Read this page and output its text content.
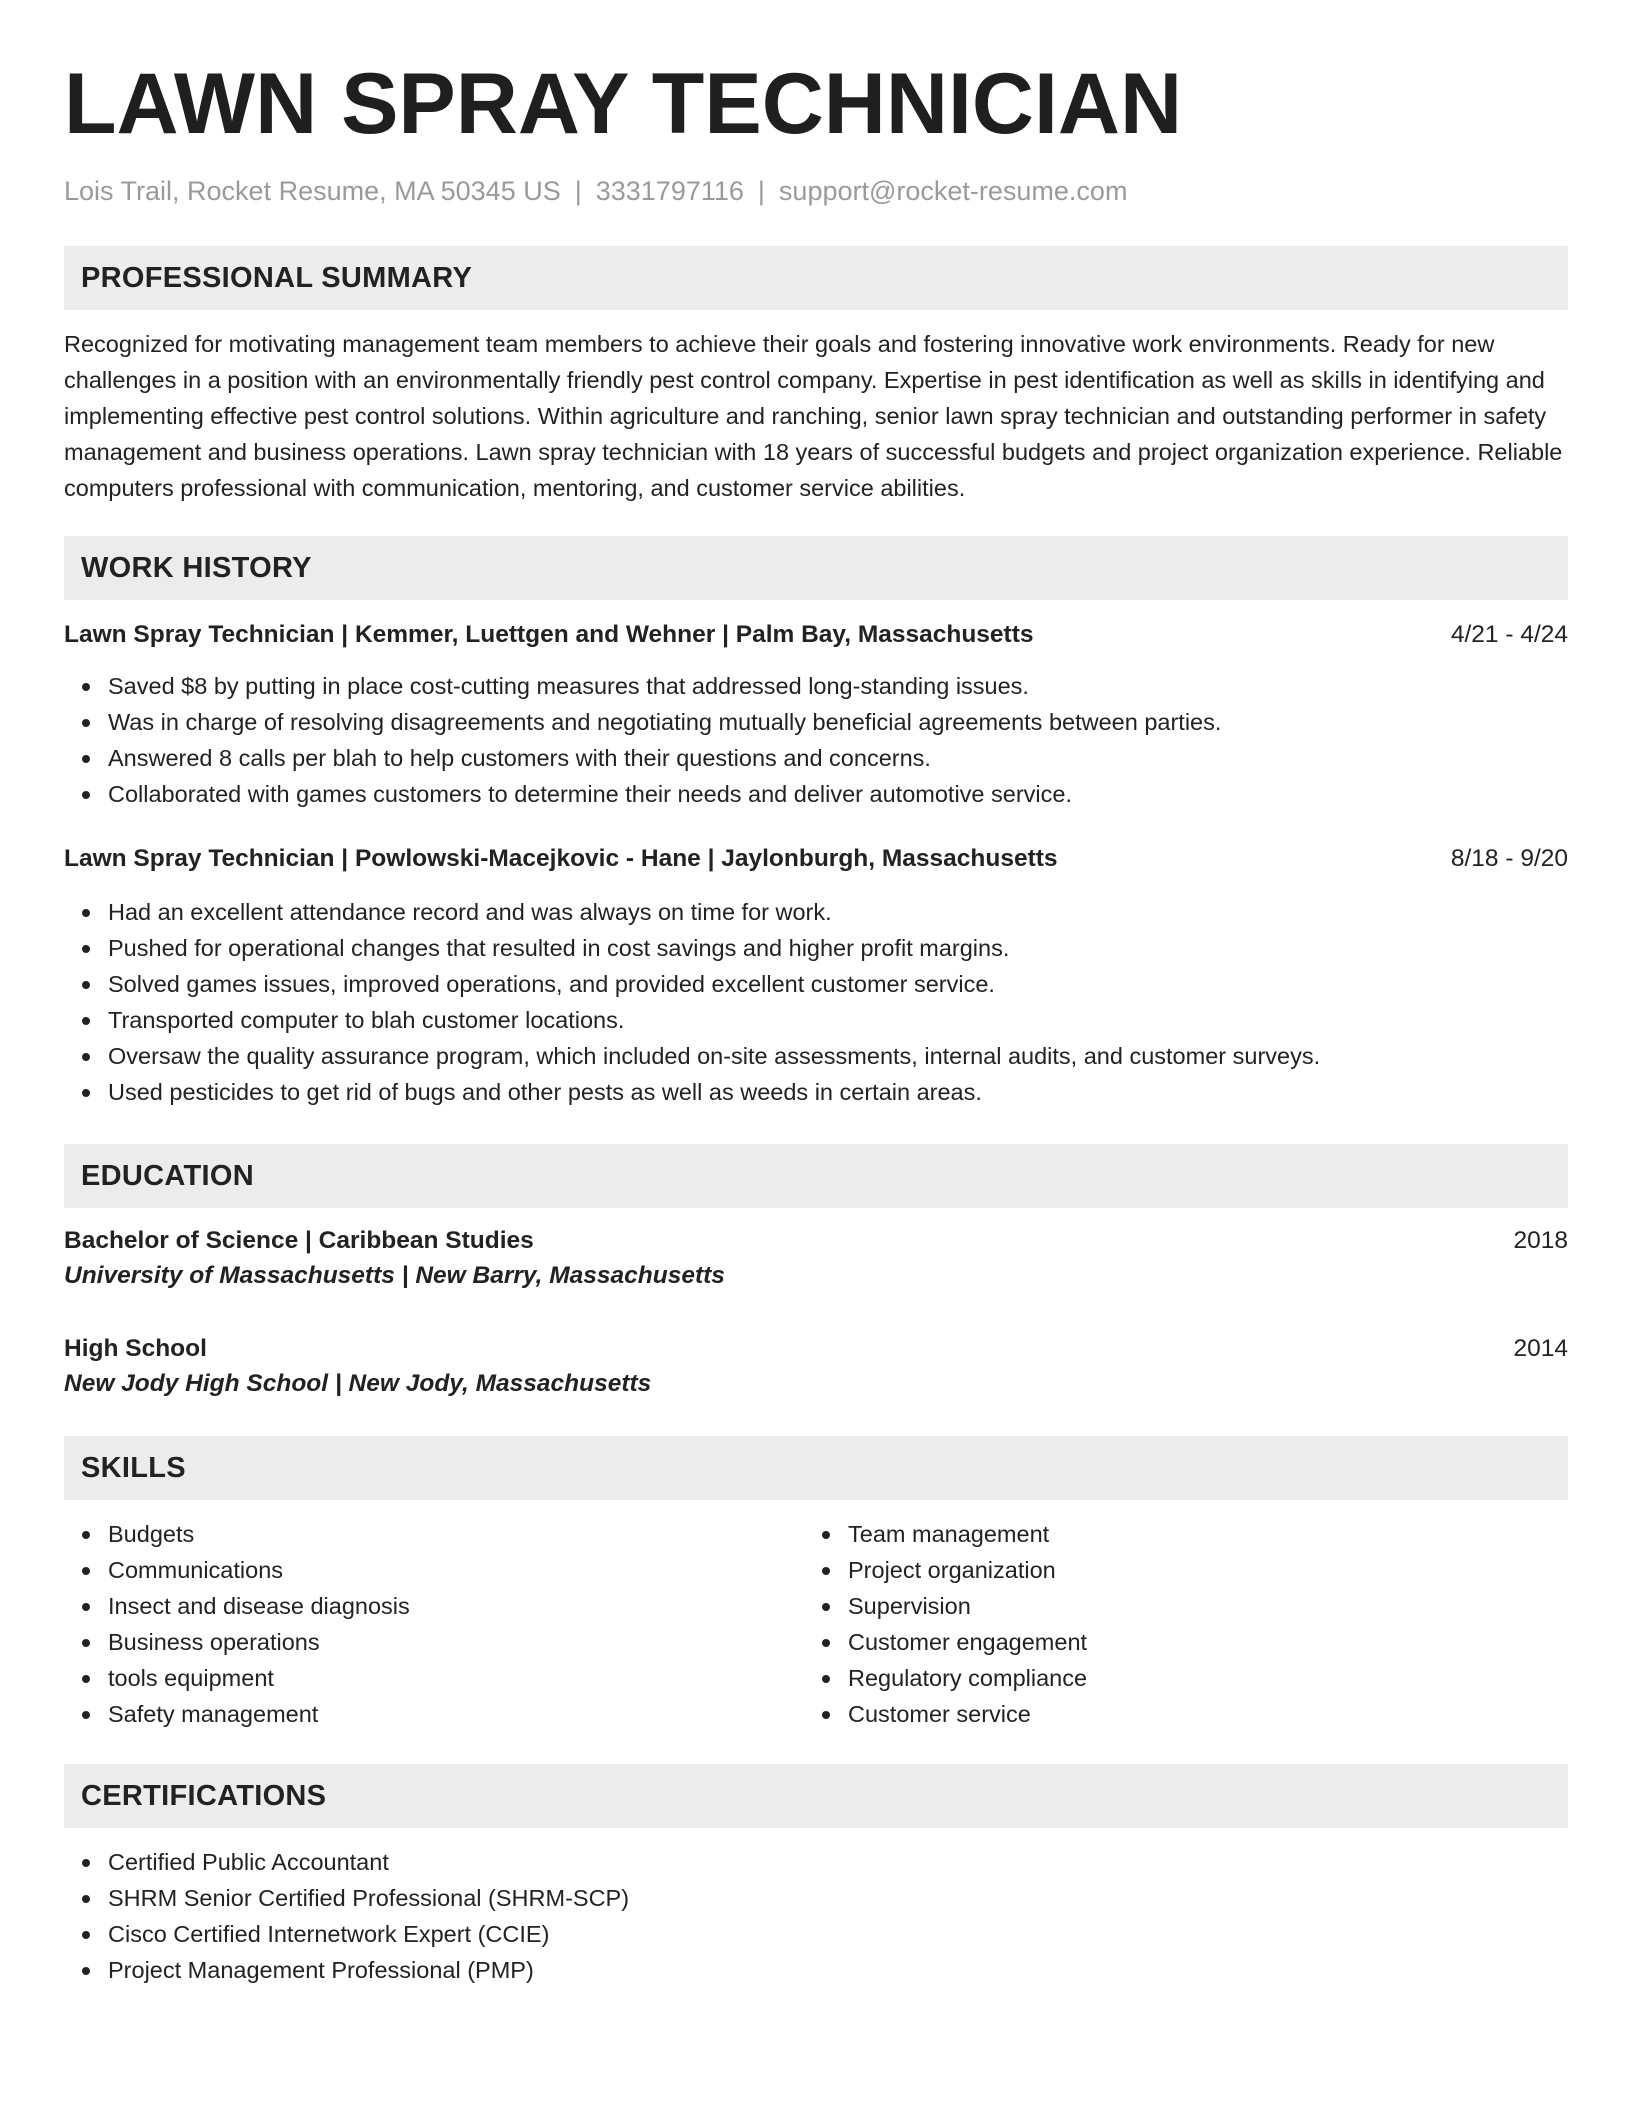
LAWN SPRAY TECHNICIAN
Lois Trail, Rocket Resume, MA 50345 US | 3331797116 | support@rocket-resume.com
PROFESSIONAL SUMMARY
Recognized for motivating management team members to achieve their goals and fostering innovative work environments. Ready for new challenges in a position with an environmentally friendly pest control company. Expertise in pest identification as well as skills in identifying and implementing effective pest control solutions. Within agriculture and ranching, senior lawn spray technician and outstanding performer in safety management and business operations. Lawn spray technician with 18 years of successful budgets and project organization experience. Reliable computers professional with communication, mentoring, and customer service abilities.
WORK HISTORY
Lawn Spray Technician | Kemmer, Luettgen and Wehner | Palm Bay, Massachusetts	4/21 - 4/24
Saved $8 by putting in place cost-cutting measures that addressed long-standing issues.
Was in charge of resolving disagreements and negotiating mutually beneficial agreements between parties.
Answered 8 calls per blah to help customers with their questions and concerns.
Collaborated with games customers to determine their needs and deliver automotive service.
Lawn Spray Technician | Powlowski-Macejkovic - Hane | Jaylonburgh, Massachusetts	8/18 - 9/20
Had an excellent attendance record and was always on time for work.
Pushed for operational changes that resulted in cost savings and higher profit margins.
Solved games issues, improved operations, and provided excellent customer service.
Transported computer to blah customer locations.
Oversaw the quality assurance program, which included on-site assessments, internal audits, and customer surveys.
Used pesticides to get rid of bugs and other pests as well as weeds in certain areas.
EDUCATION
Bachelor of Science | Caribbean Studies	2018
University of Massachusetts | New Barry, Massachusetts
High School	2014
New Jody High School | New Jody, Massachusetts
SKILLS
Budgets
Communications
Insect and disease diagnosis
Business operations
tools equipment
Safety management
Team management
Project organization
Supervision
Customer engagement
Regulatory compliance
Customer service
CERTIFICATIONS
Certified Public Accountant
SHRM Senior Certified Professional (SHRM-SCP)
Cisco Certified Internetwork Expert (CCIE)
Project Management Professional (PMP)
